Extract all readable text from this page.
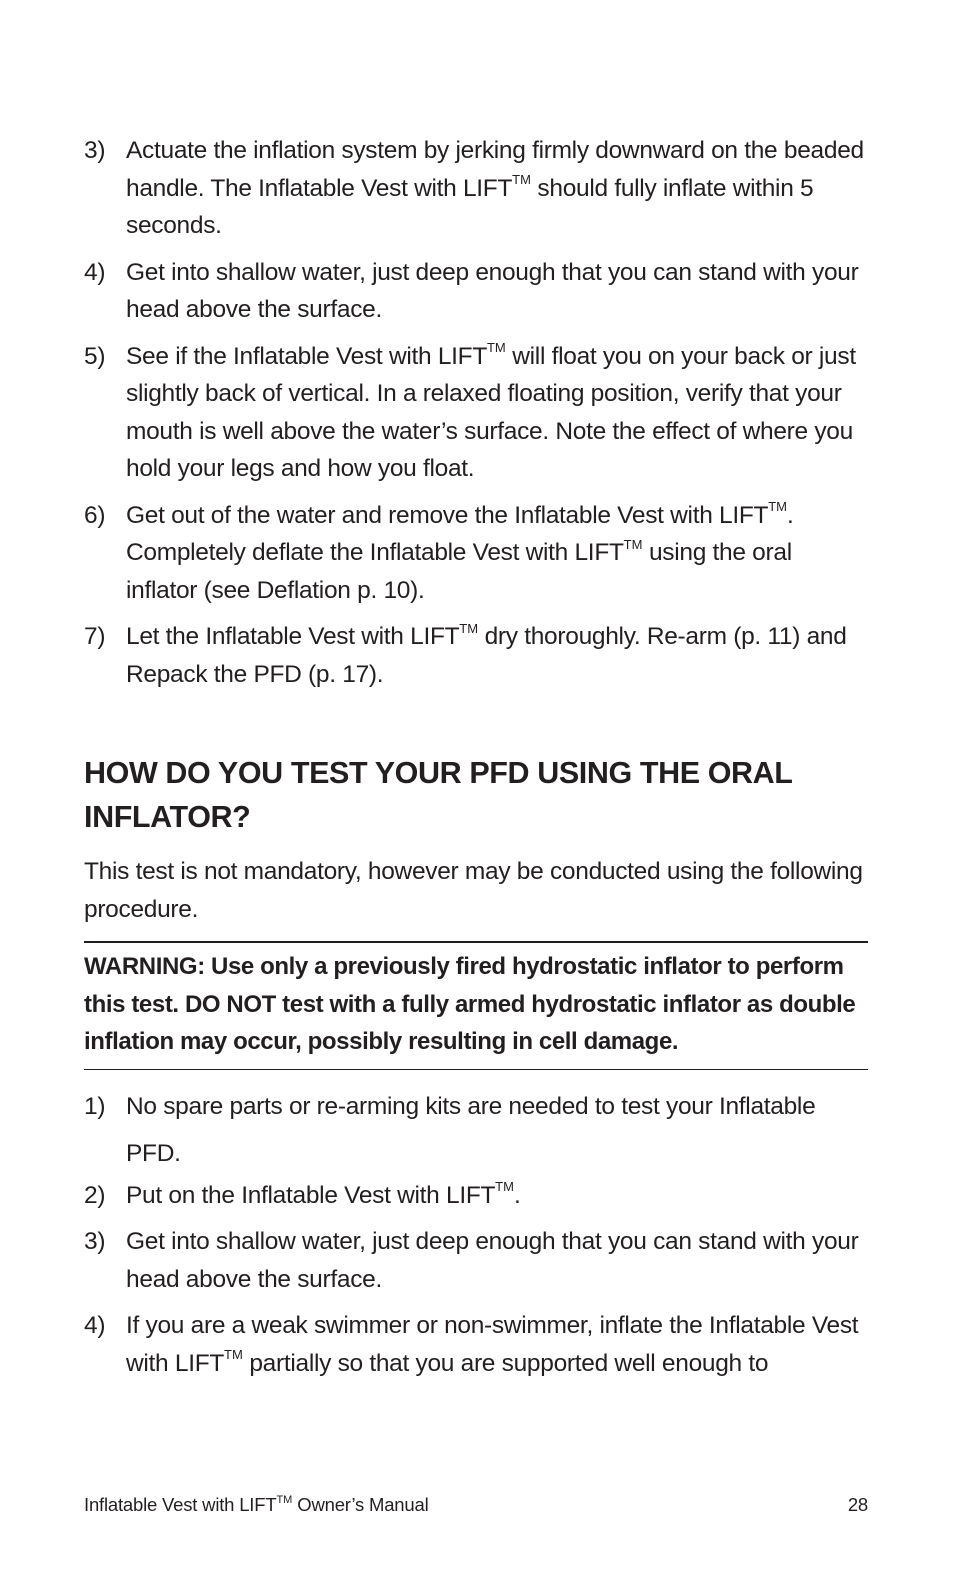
3) Actuate the inflation system by jerking firmly downward on the beaded handle. The Inflatable Vest with LIFT™ should fully inflate within 5 seconds.
4) Get into shallow water, just deep enough that you can stand with your head above the surface.
5) See if the Inflatable Vest with LIFT™ will float you on your back or just slightly back of vertical. In a relaxed floating position, verify that your mouth is well above the water’s surface. Note the effect of where you hold your legs and how you float.
6) Get out of the water and remove the Inflatable Vest with LIFT™. Completely deflate the Inflatable Vest with LIFT™ using the oral inflator (see Deflation p. 10).
7) Let the Inflatable Vest with LIFT™ dry thoroughly. Re-arm (p. 11) and Repack the PFD (p. 17).
HOW DO YOU TEST YOUR PFD USING THE ORAL INFLATOR?
This test is not mandatory, however may be conducted using the following procedure.
WARNING: Use only a previously fired hydrostatic inflator to perform this test. DO NOT test with a fully armed hydrostatic inflator as double inflation may occur, possibly resulting in cell damage.
1) No spare parts or re-arming kits are needed to test your Inflatable PFD.
2) Put on the Inflatable Vest with LIFT™.
3) Get into shallow water, just deep enough that you can stand with your head above the surface.
4) If you are a weak swimmer or non-swimmer, inflate the Inflatable Vest with LIFT™ partially so that you are supported well enough to
Inflatable Vest with LIFT™ Owner’s Manual	28
